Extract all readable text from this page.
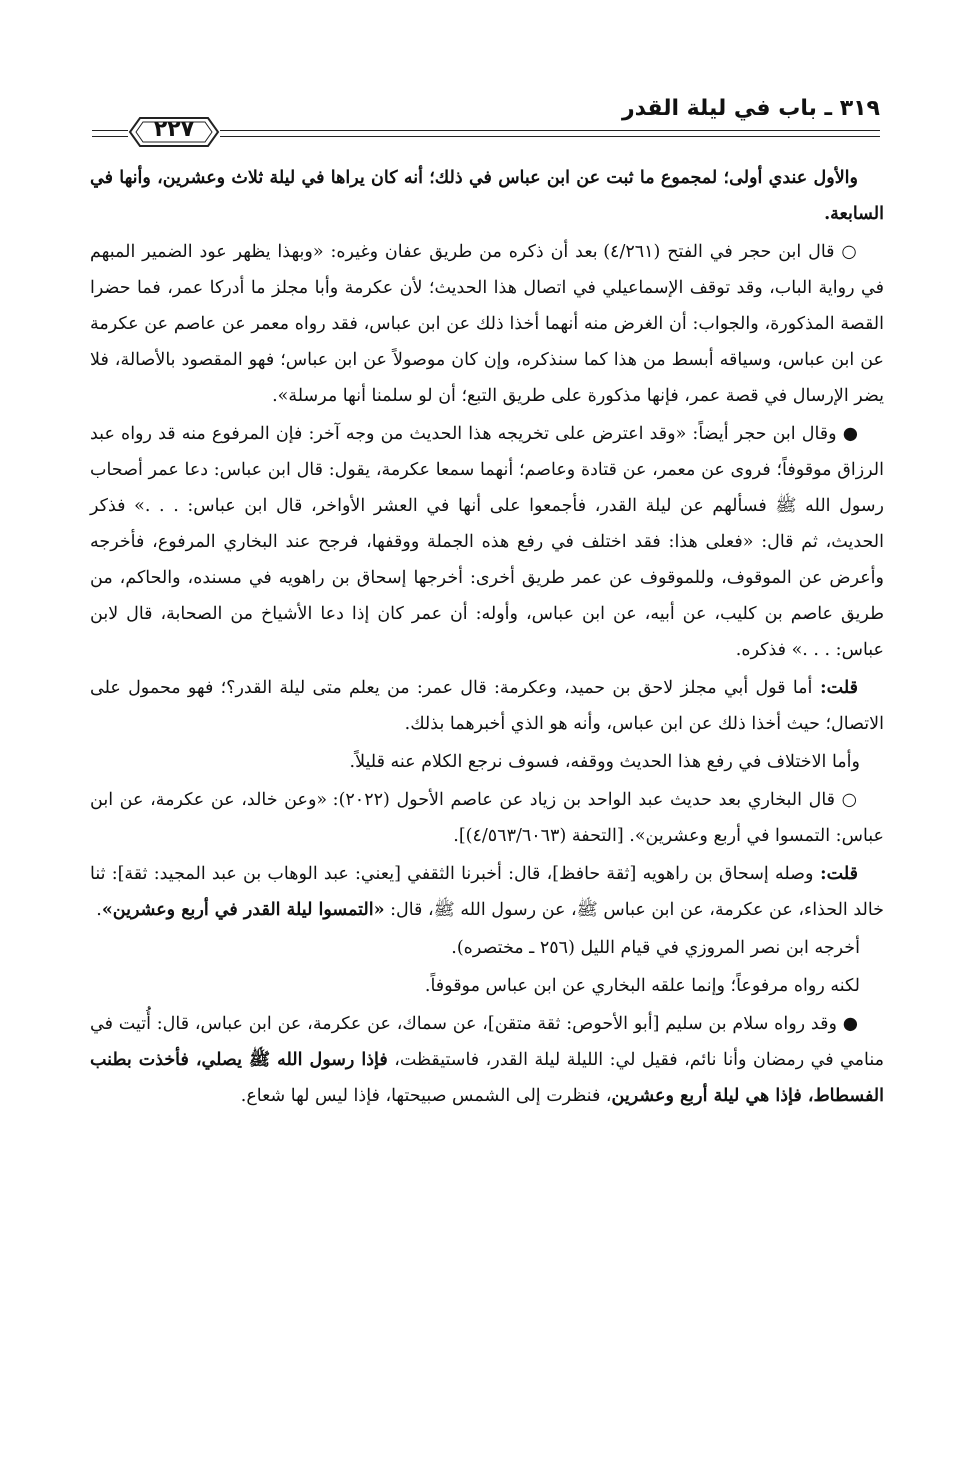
٣١٩ ـ باب في ليلة القدر
٢٢٧

والأول عندي أولى؛ لمجموع ما ثبت عن ابن عباس في ذلك؛ أنه كان يراها في ليلة ثلاث وعشرين، وأنها في السابعة.

○ قال ابن حجر في الفتح (٤/٢٦١) بعد أن ذكره من طريق عفان وغيره: «وبهذا يظهر عود الضمير المبهم في رواية الباب، وقد توقف الإسماعيلي في اتصال هذا الحديث؛ لأن عكرمة وأبا مجلز ما أدركا عمر، فما حضرا القصة المذكورة، والجواب: أن الغرض منه أنهما أخذا ذلك عن ابن عباس، فقد رواه معمر عن عاصم عن عكرمة عن ابن عباس، وسياقه أبسط من هذا كما سنذكره، وإن كان موصولاً عن ابن عباس؛ فهو المقصود بالأصالة، فلا يضر الإرسال في قصة عمر، فإنها مذكورة على طريق التبع؛ أن لو سلمنا أنها مرسلة».

● وقال ابن حجر أيضاً: «وقد اعترض على تخريجه هذا الحديث من وجه آخر: فإن المرفوع منه قد رواه عبد الرزاق موقوفاً؛ فروى عن معمر، عن قتادة وعاصم؛ أنهما سمعا عكرمة، يقول: قال ابن عباس: دعا عمر أصحاب رسول الله ﷺ فسألهم عن ليلة القدر، فأجمعوا على أنها في العشر الأواخر، قال ابن عباس: . . .» فذكر الحديث، ثم قال: «فعلى هذا: فقد اختلف في رفع هذه الجملة ووقفها، فرجح عند البخاري المرفوع، فأخرجه وأعرض عن الموقوف، وللموقوف عن عمر طريق أخرى: أخرجها إسحاق بن راهويه في مسنده، والحاكم، من طريق عاصم بن كليب، عن أبيه، عن ابن عباس، وأوله: أن عمر كان إذا دعا الأشياخ من الصحابة، قال لابن عباس: . . .» فذكره.

قلت: أما قول أبي مجلز لاحق بن حميد، وعكرمة: قال عمر: من يعلم متى ليلة القدر؟؛ فهو محمول على الاتصال؛ حيث أخذا ذلك عن ابن عباس، وأنه هو الذي أخبرهما بذلك.

وأما الاختلاف في رفع هذا الحديث ووقفه، فسوف نرجع الكلام عنه قليلاً.

○ قال البخاري بعد حديث عبد الواحد بن زياد عن عاصم الأحول (٢٠٢٢): «وعن خالد، عن عكرمة، عن ابن عباس: التمسوا في أربع وعشرين». [التحفة (٤/٥٦٣/٦٠٦٣)].

قلت: وصله إسحاق بن راهويه [ثقة حافظ]، قال: أخبرنا الثقفي [يعني: عبد الوهاب بن عبد المجيد: ثقة]: ثنا خالد الحذاء، عن عكرمة، عن ابن عباس ﷺ، عن رسول الله ﷺ، قال: «التمسوا ليلة القدر في أربع وعشرين».

أخرجه ابن نصر المروزي في قيام الليل (٢٥٦ ـ مختصره).

لكنه رواه مرفوعاً؛ وإنما علقه البخاري عن ابن عباس موقوفاً.

● وقد رواه سلام بن سليم [أبو الأحوص: ثقة متقن]، عن سماك، عن عكرمة، عن ابن عباس، قال: أُتيت في منامي في رمضان وأنا نائم، فقيل لي: الليلة ليلة القدر، فاستيقظت، فإذا رسول الله ﷺ يصلي، فأخذت بطنب الفسطاط، فإذا هي ليلة أربع وعشرين، فنظرت إلى الشمس صبيحتها، فإذا ليس لها شعاع.
